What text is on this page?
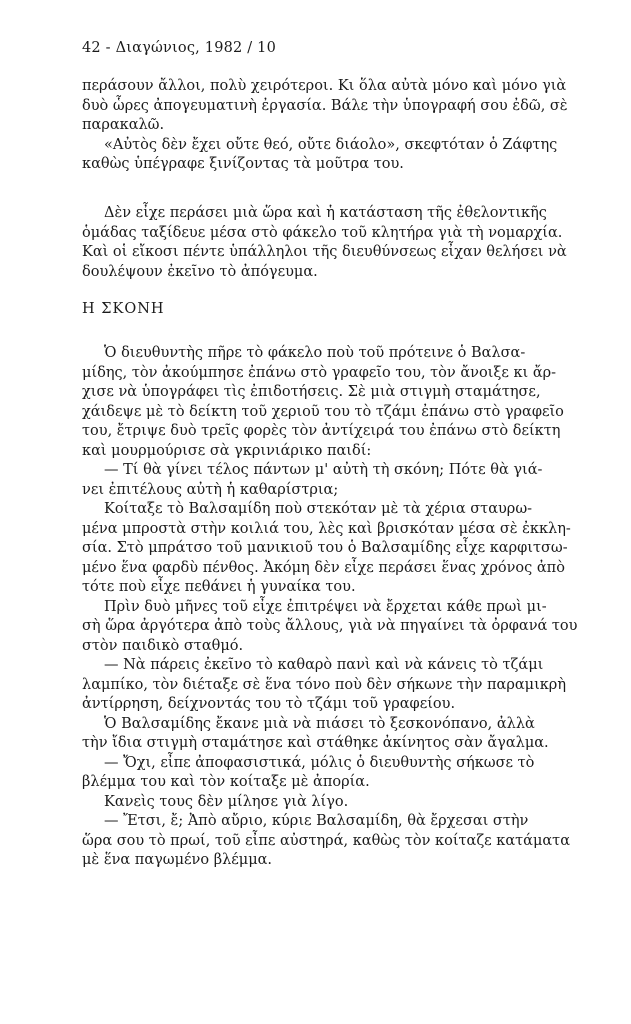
42 - Διαγώνιος, 1982 / 10
περάσουν ἄλλοι, πολὺ χειρότεροι. Κι ὅλα αὐτὰ μόνο καὶ μόνο γιὰ
δυὸ ὧρες ἀπογευματινὴ ἐργασία. Βάλε τὴν ὑπογραφή σου ἐδῶ, σὲ
παρακαλῶ.
«Αὐτὸς δὲν ἔχει οὔτε θεό, οὔτε διάολο», σκεφτόταν ὁ Ζάφτης
καθὼς ὑπέγραφε ξινίζοντας τὰ μοῦτρα του.
Δὲν εἶχε περάσει μιὰ ὥρα καὶ ἡ κατάσταση τῆς ἐθελοντικῆς
ὁμάδας ταξίδευε μέσα στὸ φάκελο τοῦ κλητήρα γιὰ τὴ νομαρχία.
Καὶ οἱ εἴκοσι πέντε ὑπάλληλοι τῆς διευθύνσεως εἶχαν θελήσει νὰ
δουλέψουν ἐκεῖνο τὸ ἀπόγευμα.
Η ΣΚΟΝΗ
Ὁ διευθυντὴς πῆρε τὸ φάκελο ποὺ τοῦ πρότεινε ὁ Βαλσα-
μίδης, τὸν ἀκούμπησε ἐπάνω στὸ γραφεῖο του, τὸν ἄνοιξε κι ἄρ-
χισε νὰ ὑπογράφει τὶς ἐπιδοτήσεις. Σὲ μιὰ στιγμὴ σταμάτησε,
χάιδεψε μὲ τὸ δείκτη τοῦ χεριοῦ του τὸ τζάμι ἐπάνω στὸ γραφεῖο
του, ἔτριψε δυὸ τρεῖς φορὲς τὸν ἀντίχειρά του ἐπάνω στὸ δείκτη
καὶ μουρμούρισε σὰ γκρινιάρικο παιδί:
— Τί θὰ γίνει τέλος πάντων μ' αὐτὴ τὴ σκόνη; Πότε θὰ γιά-
νει ἐπιτέλους αὐτὴ ἡ καθαρίστρια;
Κοίταξε τὸ Βαλσαμίδη ποὺ στεκόταν μὲ τὰ χέρια σταυρω-
μένα μπροστὰ στὴν κοιλιά του, λὲς καὶ βρισκόταν μέσα σὲ ἐκκλη-
σία. Στὸ μπράτσο τοῦ μανικιοῦ του ὁ Βαλσαμίδης εἶχε καρφιτσω-
μένο ἕνα φαρδὺ πένθος. Ἀκόμη δὲν εἶχε περάσει ἕνας χρόνος ἀπὸ
τότε ποὺ εἶχε πεθάνει ἡ γυναίκα του.
Πρὶν δυὸ μῆνες τοῦ εἶχε ἐπιτρέψει νὰ ἔρχεται κάθε πρωὶ μι-
σὴ ὥρα ἀργότερα ἀπὸ τοὺς ἄλλους, γιὰ νὰ πηγαίνει τὰ ὀρφανά του
στὸν παιδικὸ σταθμό.
— Νὰ πάρεις ἐκεῖνο τὸ καθαρὸ πανὶ καὶ νὰ κάνεις τὸ τζάμι
λαμπίκο, τὸν διέταξε σὲ ἕνα τόνο ποὺ δὲν σήκωνε τὴν παραμικρὴ
ἀντίρρηση, δείχνοντάς του τὸ τζάμι τοῦ γραφείου.
Ὁ Βαλσαμίδης ἔκανε μιὰ νὰ πιάσει τὸ ξεσκονόπανο, ἀλλὰ
τὴν ἴδια στιγμὴ σταμάτησε καὶ στάθηκε ἀκίνητος σὰν ἄγαλμα.
— Ὄχι, εἶπε ἀποφασιστικά, μόλις ὁ διευθυντὴς σήκωσε τὸ
βλέμμα του καὶ τὸν κοίταξε μὲ ἀπορία.
Κανεὶς τους δὲν μίλησε γιὰ λίγο.
— Ἔτσι, ἔ; Ἀπὸ αὔριο, κύριε Βαλσαμίδη, θὰ ἔρχεσαι στὴν
ὥρα σου τὸ πρωί, τοῦ εἶπε αὐστηρά, καθὼς τὸν κοίταζε κατάματα
μὲ ἕνα παγωμένο βλέμμα.
